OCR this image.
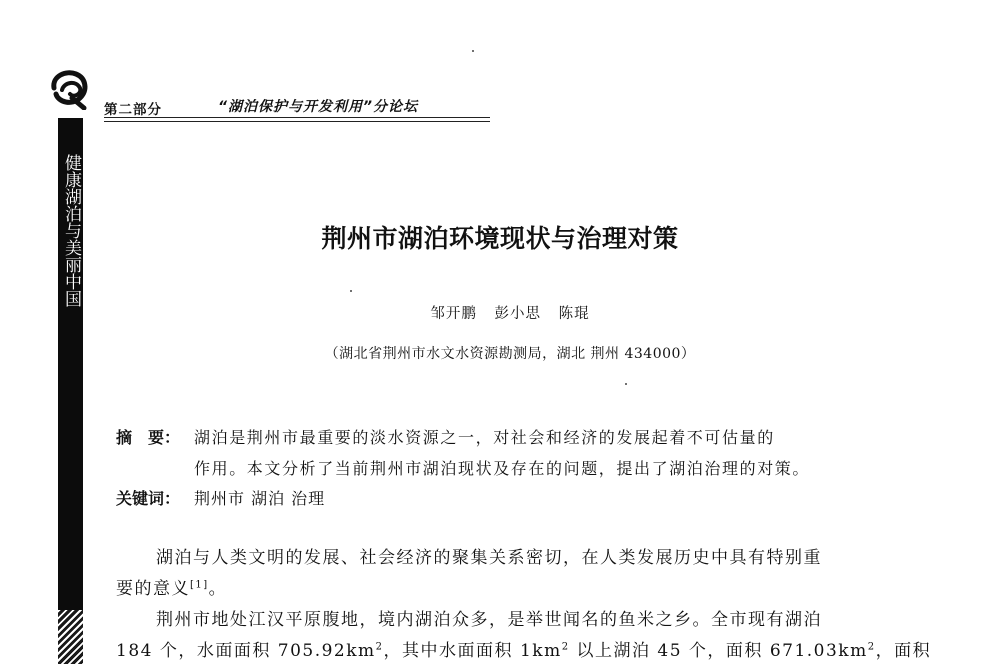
健康湖泊与美丽中国
第二部分	“湖泊保护与开发利用”分论坛
荆州市湖泊环境现状与治理对策
邹开鹏 彭小思 陈琨
（湖北省荆州市水文水资源勘测局，湖北 荆州 434000）
摘　要： 湖泊是荆州市最重要的淡水资源之一，对社会和经济的发展起着不可估量的
作用。本文分析了当前荆州市湖泊现状及存在的问题，提出了湖泊治理的对策。
关键词： 荆州市 湖泊 治理
湖泊与人类文明的发展、社会经济的聚集关系密切，在人类发展历史中具有特别重
要的意义[1]。
荆州市地处江汉平原腹地，境内湖泊众多，是举世闻名的鱼米之乡。全市现有湖泊
184 个，水面面积 $705.92km^2$，其中水面面积 $1km^2$ 以上湖泊 45 个，面积 $671.03km^2$，面积
